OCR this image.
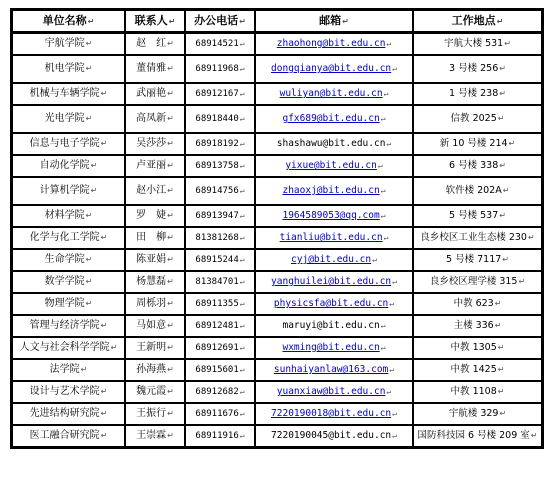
单位名称↵	联系人↵	办公电话↵	邮箱↵	工作地点↵
宇航学院↵	赵　红↵	68914521↵	zhaohong@bit.edu.cn↵	宇航大楼 531↵
机电学院↵	董倩雅↵	68911968↵	dongqianya@bit.edu.cn↵	3 号楼 256↵
机械与车辆学院↵	武丽艳↵	68912167↵	wuliyan@bit.edu.cn↵	1 号楼 238↵
光电学院↵	高凤新↵	68918440↵	gfx689@bit.edu.cn↵	信教 2025↵
信息与电子学院↵	吴莎莎↵	68918192↵	shashawu@bit.edu.cn↵	新 10 号楼 214↵
自动化学院↵	卢亚丽↵	68913758↵	yixue@bit.edu.cn↵	6 号楼 338↵
计算机学院↵	赵小江↵	68914756↵	zhaoxj@bit.edu.cn↵	软件楼 202A↵
材料学院↵	罗　婕↵	68913947↵	1964589053@qq.com↵	5 号楼 537↵
化学与化工学院↵	田　柳↵	81381268↵	tianliu@bit.edu.cn↵	良乡校区工业生态楼 230↵
生命学院↵	陈亚娟↵	68915244↵	cyj@bit.edu.cn↵	5 号楼 7117↵
数学学院↵	杨慧磊↵	81384701↵	yanghuilei@bit.edu.cn↵	良乡校区理学楼 315↵
物理学院↵	周栎羽↵	68911355↵	physicsfa@bit.edu.cn↵	中教 623↵
管理与经济学院↵	马如意↵	68912481↵	maruyi@bit.edu.cn↵	主楼 336↵
人文与社会科学学院↵	王新明↵	68912691↵	wxming@bit.edu.cn↵	中教 1305↵
法学院↵	孙海燕↵	68915601↵	sunhaiyanlaw@163.com↵	中教 1425↵
设计与艺术学院↵	魏元霞↵	68912682↵	yuanxiaw@bit.edu.cn↵	中教 1108↵
先进结构研究院↵	王振行↵	68911676↵	7220190018@bit.edu.cn↵	宇航楼 329↵
医工融合研究院↵	王崇霖↵	68911916↵	7220190045@bit.edu.cn↵	国防科技园 6 号楼 209 室↵
